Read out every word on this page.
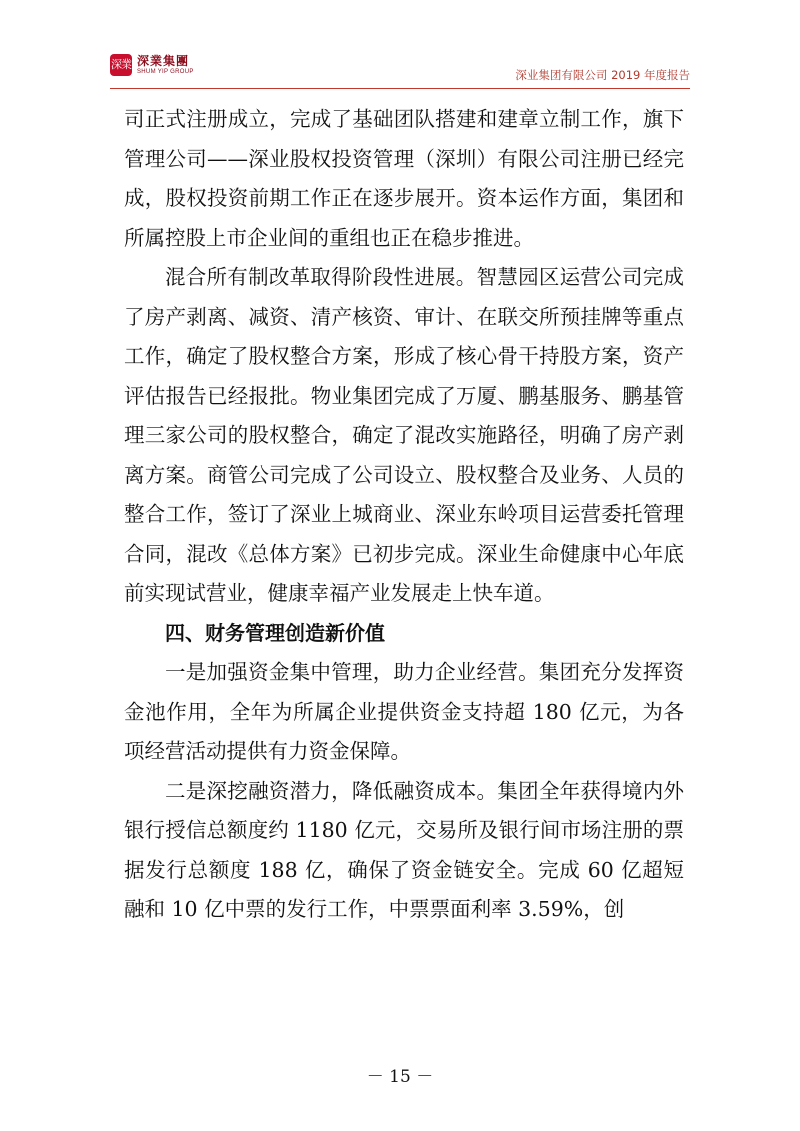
深業 深業集團
SHUM YIP GROUP	深业集团有限公司 2019 年度报告

司正式注册成立，完成了基础团队搭建和建章立制工作，旗下管理公司——深业股权投资管理（深圳）有限公司注册已经完成，股权投资前期工作正在逐步展开。资本运作方面，集团和所属控股上市企业间的重组也正在稳步推进。

混合所有制改革取得阶段性进展。智慧园区运营公司完成了房产剥离、减资、清产核资、审计、在联交所预挂牌等重点工作，确定了股权整合方案，形成了核心骨干持股方案，资产评估报告已经报批。物业集团完成了万厦、鹏基服务、鹏基管理三家公司的股权整合，确定了混改实施路径，明确了房产剥离方案。商管公司完成了公司设立、股权整合及业务、人员的整合工作，签订了深业上城商业、深业东岭项目运营委托管理合同，混改《总体方案》已初步完成。深业生命健康中心年底前实现试营业，健康幸福产业发展走上快车道。

四、财务管理创造新价值

一是加强资金集中管理，助力企业经营。集团充分发挥资金池作用，全年为所属企业提供资金支持超 180 亿元，为各项经营活动提供有力资金保障。

二是深挖融资潜力，降低融资成本。集团全年获得境内外银行授信总额度约 1180 亿元，交易所及银行间市场注册的票据发行总额度 188 亿，确保了资金链安全。完成 60 亿超短融和 10 亿中票的发行工作，中票票面利率 3.59%，创

－ 15 －
